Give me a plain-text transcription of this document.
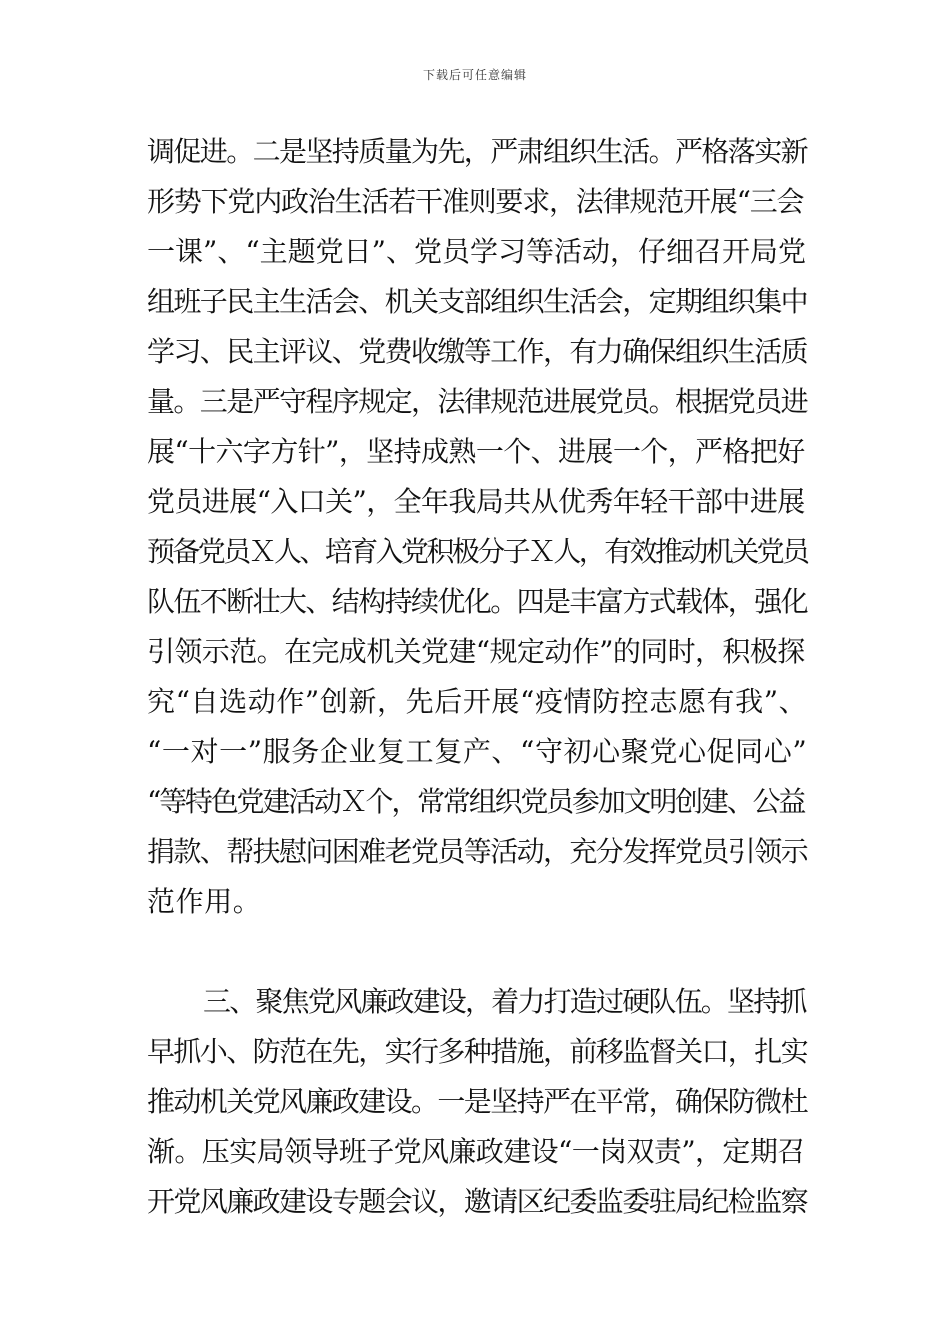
下载后可任意编辑
调促进。二是坚持质量为先，严肃组织生活。严格落实新
形势下党内政治生活若干准则要求，法律规范开展“三会
一课”、“主题党日”、党员学习等活动，仔细召开局党
组班子民主生活会、机关支部组织生活会，定期组织集中
学习、民主评议、党费收缴等工作，有力确保组织生活质
量。三是严守程序规定，法律规范进展党员。根据党员进
展“十六字方针”，坚持成熟一个、进展一个，严格把好
党员进展“入口关”，全年我局共从优秀年轻干部中进展
预备党员Ｘ人、培育入党积极分子Ｘ人，有效推动机关党员
队伍不断壮大、结构持续优化。四是丰富方式载体，强化
引领示范。在完成机关党建“规定动作”的同时，积极探
究“自选动作”创新，先后开展“疫情防控志愿有我”、
“一对一”服务企业复工复产、“守初心聚党心促同心”
“等特色党建活动Ｘ个，常常组织党员参加文明创建、公益
捐款、帮扶慰问困难老党员等活动，充分发挥党员引领示
范作用。
三、聚焦党风廉政建设，着力打造过硬队伍。坚持抓
早抓小、防范在先，实行多种措施，前移监督关口，扎实
推动机关党风廉政建设。一是坚持严在平常，确保防微杜
渐。压实局领导班子党风廉政建设“一岗双责”，定期召
开党风廉政建设专题会议，邀请区纪委监委驻局纪检监察
